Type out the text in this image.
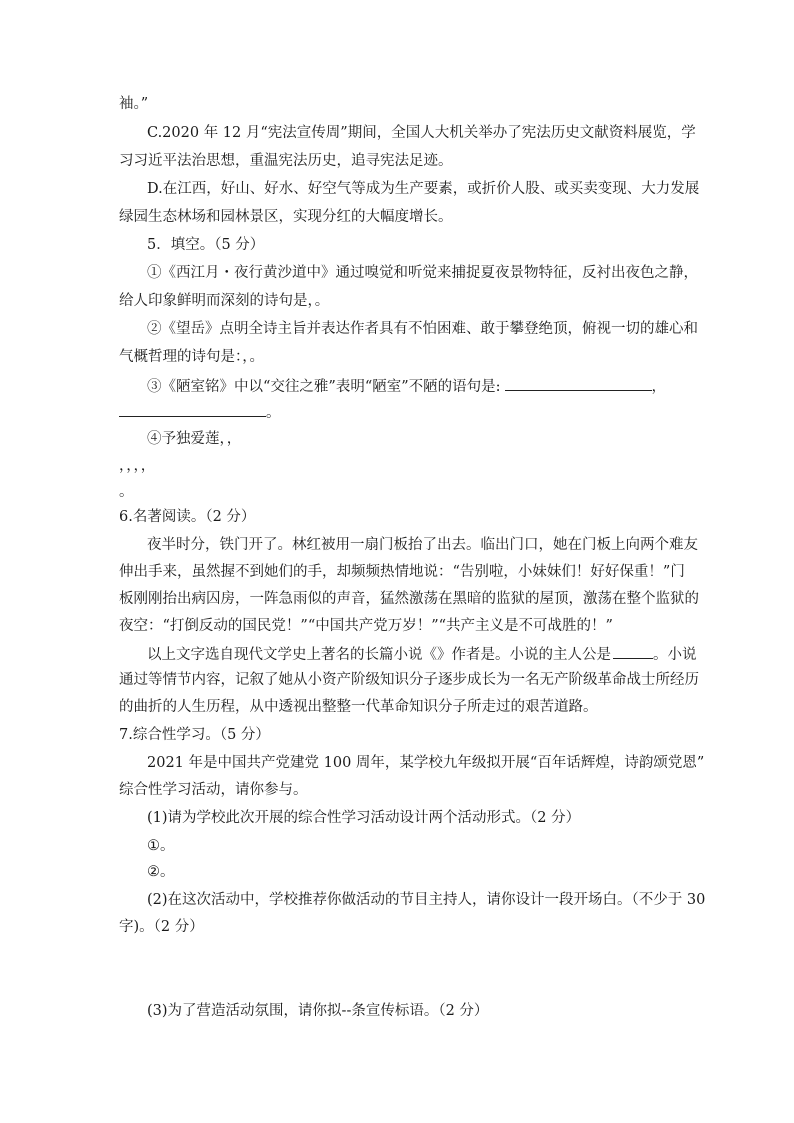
袖。”
C.2020 年 12 月“宪法宣传周”期间，全国人大机关举办了宪法历史文献资料展览，学
习习近平法治思想，重温宪法历史，追寻宪法足迹。
D.在江西，好山、好水、好空气等成为生产要素，或折价人股、或买卖变现、大力发展
绿园生态林场和园林景区，实现分红的大幅度增长。
5．填空。（5 分）
①《西江月・夜行黄沙道中》通过嗅觉和听觉来捕捉夏夜景物特征，反衬出夜色之静，
给人印象鲜明而深刻的诗句是，。
②《望岳》点明全诗主旨并表达作者具有不怕困难、敢于攀登绝顶，俯视一切的雄心和
气概哲理的诗句是：，。
③《陋室铭》中以“交往之雅”表明“陋室”不陋的语句是:	，
。
④予独爱莲，，
，，，，
。
6.名著阅读。（2 分）
夜半时分，铁门开了。林红被用一扇门板抬了出去。临出门口，她在门板上向两个难友
伸出手来，虽然握不到她们的手，却频频热情地说：“告别啦，小妹妹们！好好保重！”门
板刚刚抬出病囚房，一阵急雨似的声音，猛然激荡在黑暗的监狱的屋顶，激荡在整个监狱的
夜空：“打倒反动的国民党！”“中国共产党万岁！”“共产主义是不可战胜的！”
以上文字选自现代文学史上著名的长篇小说《》作者是。小说的主人公是	。小说
通过等情节内容，记叙了她从小资产阶级知识分子逐步成长为一名无产阶级革命战士所经历
的曲折的人生历程，从中透视出整整一代革命知识分子所走过的艰苦道路。
7.综合性学习。（5 分）
2021 年是中国共产党建党 100 周年，某学校九年级拟开展“百年话辉煌，诗韵颂党恩”
综合性学习活动，请你参与。
(1)请为学校此次开展的综合性学习活动设计两个活动形式。（2 分）
①。
②。
(2)在这次活动中，学校推荐你做活动的节目主持人，请你设计一段开场白。（不少于 30
字)。（2 分）
(3)为了营造活动氛围，请你拟--条宣传标语。（2 分）
